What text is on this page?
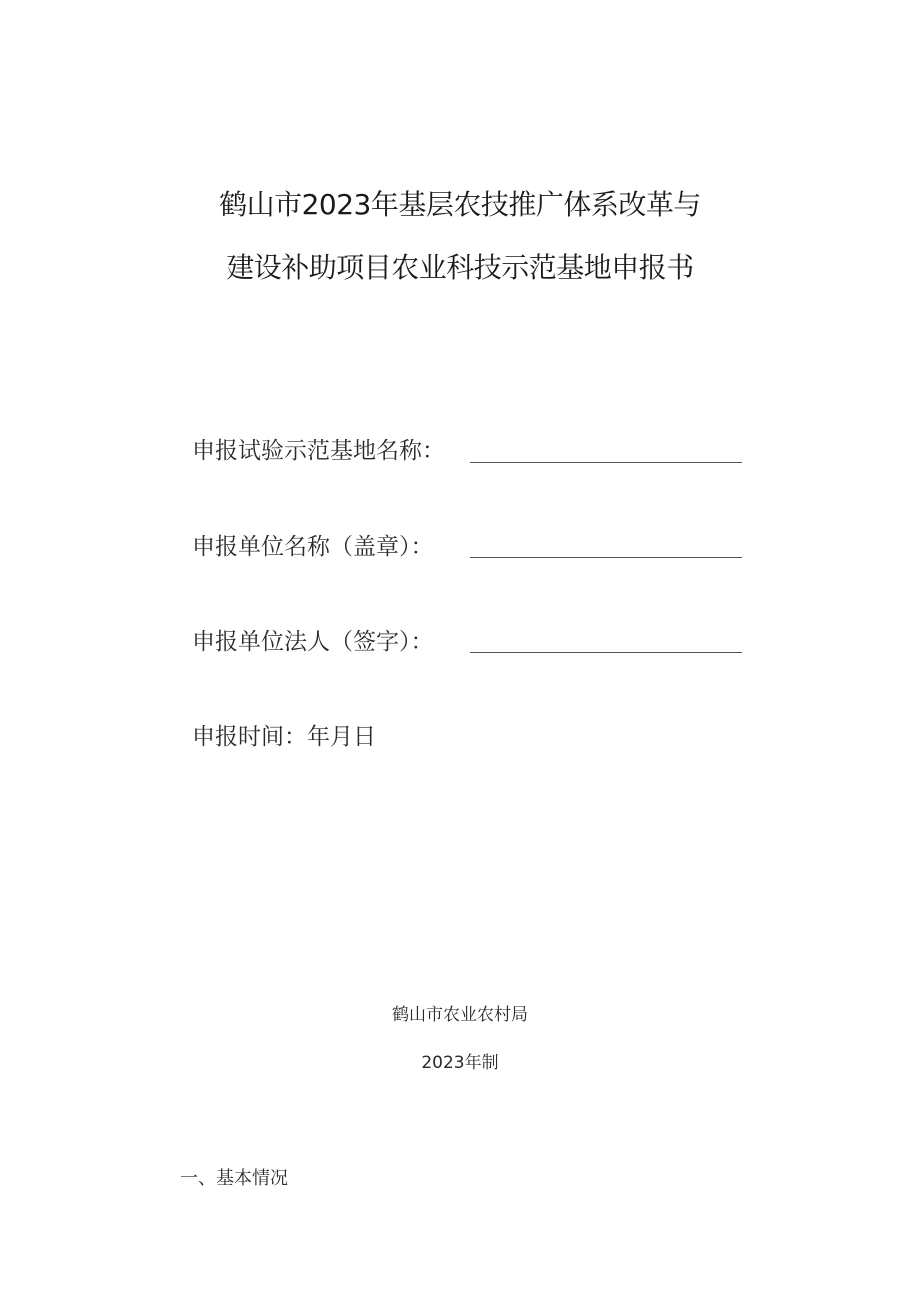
鹤山市2023年基层农技推广体系改革与
建设补助项目农业科技示范基地申报书
申报试验示范基地名称：
申报单位名称（盖章）：
申报单位法人（签字）：
申报时间：年月日
鹤山市农业农村局
2023年制
一、基本情况
